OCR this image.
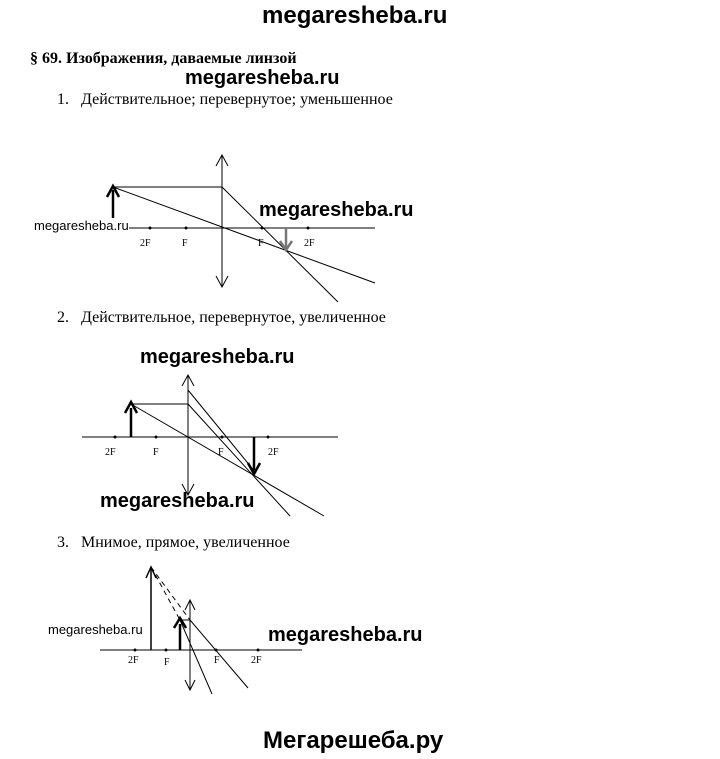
megaresheba.ru
§ 69. Изображения, даваемые линзой
megaresheba.ru
1. Действительное; перевернутое; уменьшенное
2. Действительное, перевернутое, увеличенное
3. Мнимое, прямое, увеличенное
2F	F	F	2F
2F	F	F	2F
2F	F	F	2F
megaresheba.ru
megaresheba.ru
megaresheba.ru
megaresheba.ru
megaresheba.ru	megaresheba.ru
Мегарешеба.ру
